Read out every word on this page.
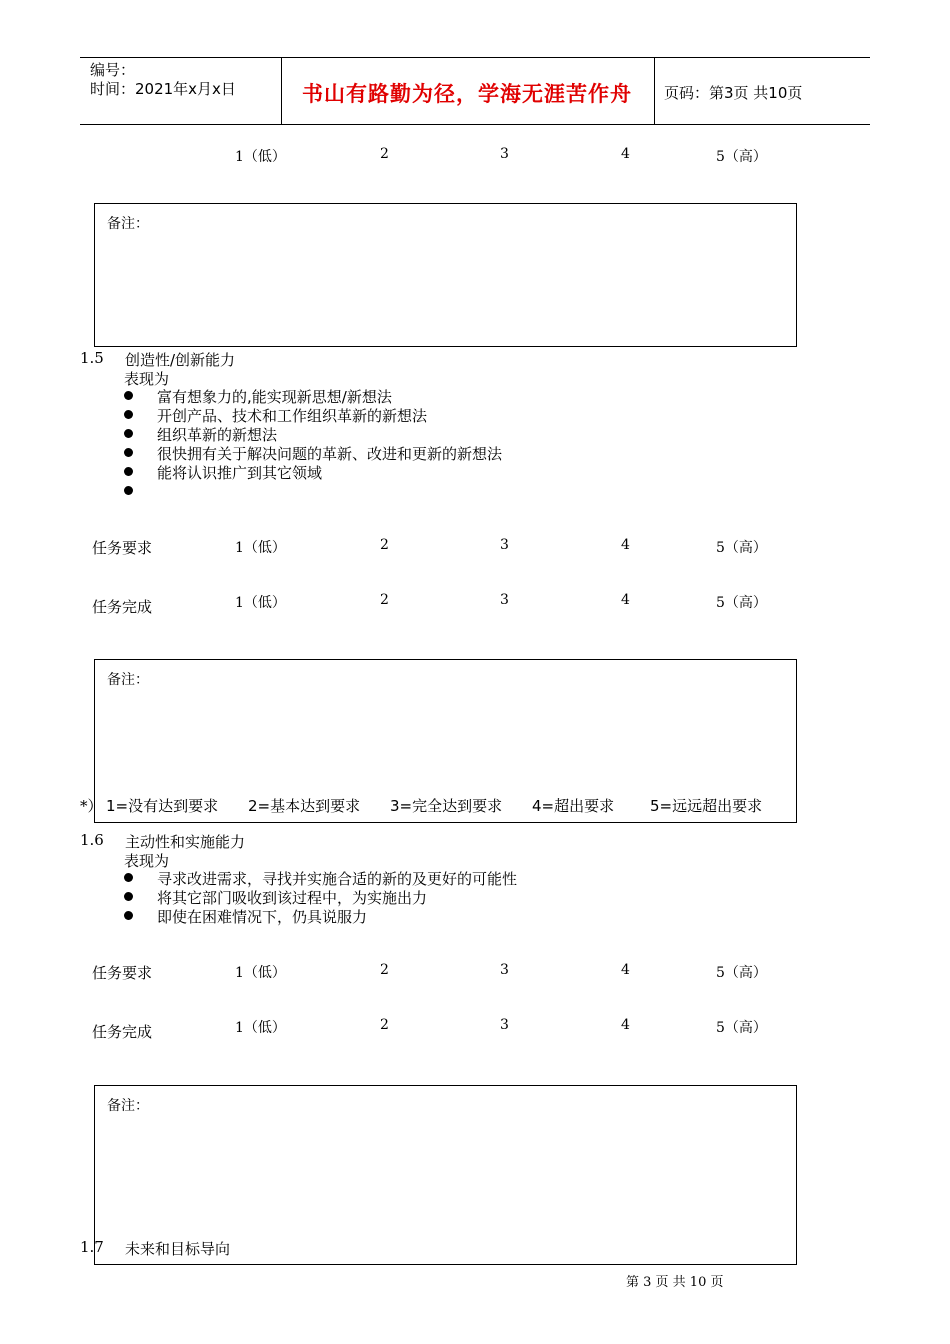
编号：
时间：2021年x月x日	书山有路勤为径，学海无涯苦作舟 页码：第3页 共10页
1（低）	2	3	4	5（高）
备注：
1.5 创造性/创新能力
表现为
富有想象力的,能实现新思想/新想法
开创产品、技术和工作组织革新的新想法
组织革新的新想法
很快拥有关于解决问题的革新、改进和更新的新想法
能将认识推广到其它领域
任务要求	1（低）	2	3	4	5（高）
任务完成	1（低）	2	3	4	5（高）
备注：
*） 1=没有达到要求 2=基本达到要求 3=完全达到要求 4=超出要求 5=远远超出要求
1.6 主动性和实施能力
表现为
寻求改进需求，寻找并实施合适的新的及更好的可能性
将其它部门吸收到该过程中，为实施出力
即使在困难情况下，仍具说服力
任务要求	1（低）	2	3	4	5（高）
任务完成	1（低）	2	3	4	5（高）
备注：
1.7 未来和目标导向
第 3 页 共 10 页
